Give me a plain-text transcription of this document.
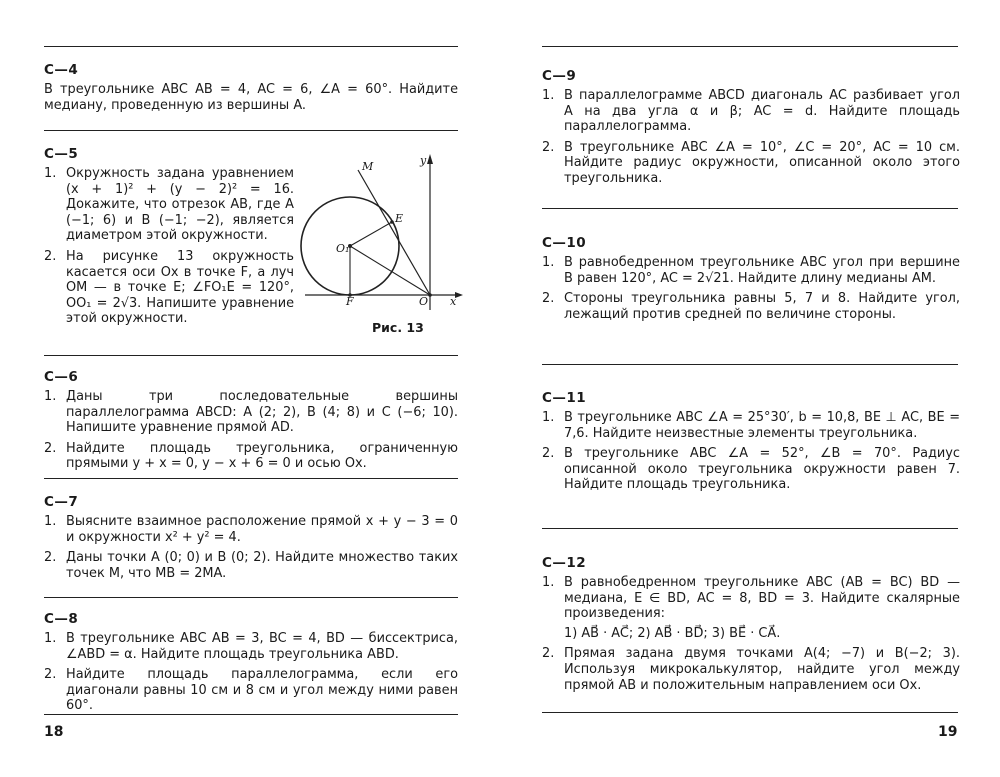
С—4
В треугольнике ABC AB = 4, AC = 6, ∠A = 60°. Найдите медиану, проведенную из вершины A.
С—5
1. Окружность задана уравнением (x + 1)² + (y − 2)² = 16. Докажите, что отрезок AB, где A (−1; 6) и B (−1; −2), является диаметром этой окружности.
2. На рисунке 13 окружность касается оси Ox в точке F, а луч OM — в точке E; ∠FO₁E = 120°, OO₁ = 2√3. Напишите уравнение этой окружности.
M	y
E
O₁
F	O x
Рис. 13
С—6
1. Даны три последовательные вершины параллелограмма ABCD: A (2; 2), B (4; 8) и C (−6; 10). Напишите уравнение прямой AD.
2. Найдите площадь треугольника, ограниченную прямыми y + x = 0, y − x + 6 = 0 и осью Ox.
С—7
1. Выясните взаимное расположение прямой x + y − 3 = 0 и окружности x² + y² = 4.
2. Даны точки A (0; 0) и B (0; 2). Найдите множество таких точек M, что MB = 2MA.
С—8
1. В треугольнике ABC AB = 3, BC = 4, BD — биссектриса, ∠ABD = α. Найдите площадь треугольника ABD.
2. Найдите площадь параллелограмма, если его диагонали равны 10 см и 8 см и угол между ними равен 60°.
18
С—9
1. В параллелограмме ABCD диагональ AC разбивает угол A на два угла α и β; AC = d. Найдите площадь параллелограмма.
2. В треугольнике ABC ∠A = 10°, ∠C = 20°, AC = 10 см. Найдите радиус окружности, описанной около этого треугольника.
С—10
1. В равнобедренном треугольнике ABC угол при вершине B равен 120°, AC = 2√21. Найдите длину медианы AM.
2. Стороны треугольника равны 5, 7 и 8. Найдите угол, лежащий против средней по величине стороны.
С—11
1. В треугольнике ABC ∠A = 25°30′, b = 10,8, BE ⊥ AC, BE = 7,6. Найдите неизвестные элементы треугольника.
2. В треугольнике ABC ∠A = 52°, ∠B = 70°. Радиус описанной около треугольника окружности равен 7. Найдите площадь треугольника.
С—12
1. В равнобедренном треугольнике ABC (AB = BC) BD — медиана, E ∈ BD, AC = 8, BD = 3. Найдите скалярные произведения:
1) AB⃗ · AC⃗; 2) AB⃗ · BD⃗; 3) BE⃗ · CA⃗.
2. Прямая задана двумя точками A(4; −7) и B(−2; 3). Используя микрокалькулятор, найдите угол между прямой AB и положительным направлением оси Ox.
19
